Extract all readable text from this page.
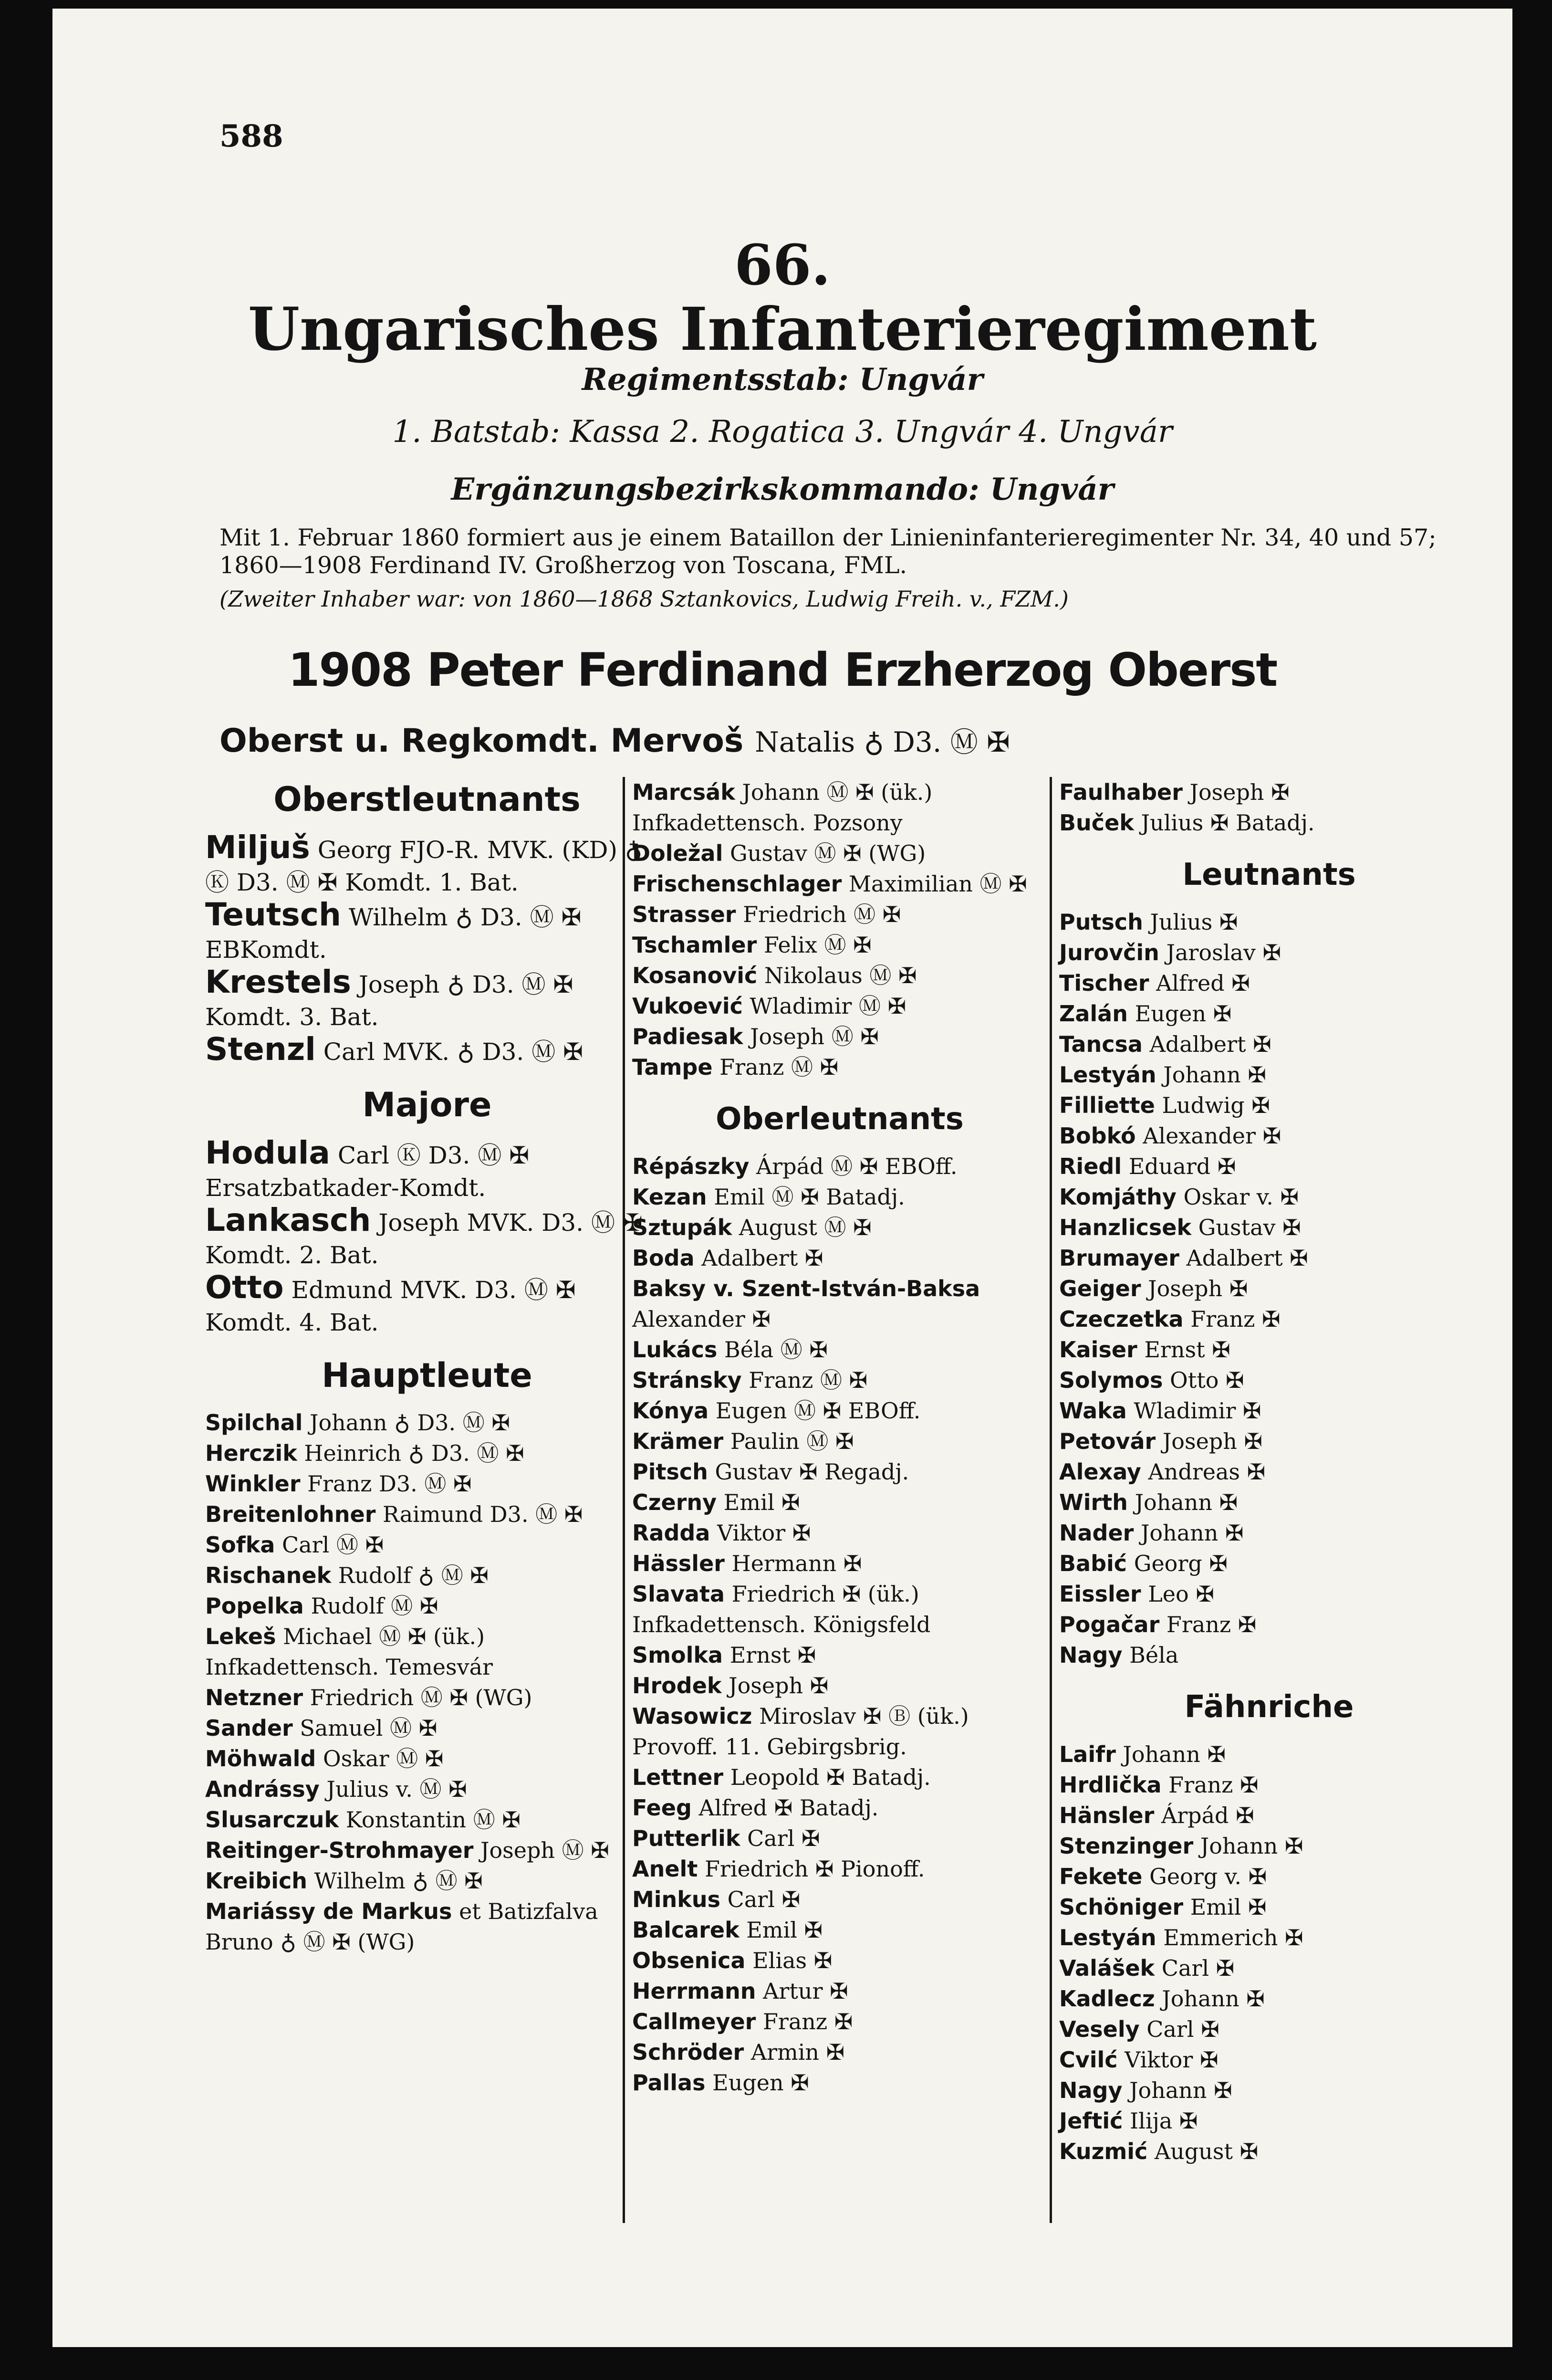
588
66.
Ungarisches Infanterieregiment
Regimentsstab: Ungvár
1. Batstab: Kassa 2. Rogatica 3. Ungvár 4. Ungvár
Ergänzungsbezirkskommando: Ungvár
Mit 1. Februar 1860 formiert aus je einem Bataillon der Linieninfanterieregimenter Nr. 34, 40 und 57; 1860—1908 Ferdinand IV. Großherzog von Toscana, FML.
(Zweiter Inhaber war: von 1860—1868 Sztankovics, Ludwig Freih. v., FZM.)
1908 Peter Ferdinand Erzherzog Oberst
Oberst u. Regkomdt. Mervoš Natalis ♁ D3. Ⓜ ✠
Oberstleutnants

Miljuš Georg FJO-R. MVK. (KD) ♁ Ⓚ D3. Ⓜ ✠ Komdt. 1. Bat.

Teutsch Wilhelm ♁ D3. Ⓜ ✠ EBKomdt.

Krestels Joseph ♁ D3. Ⓜ ✠ Komdt. 3. Bat.

Stenzl Carl MVK. ♁ D3. Ⓜ ✠

Majore

Hodula Carl Ⓚ D3. Ⓜ ✠ Ersatzbatkader-Komdt.

Lankasch Joseph MVK. D3. Ⓜ ✠ Komdt. 2. Bat.

Otto Edmund MVK. D3. Ⓜ ✠ Komdt. 4. Bat.

Hauptleute

Spilchal Johann ♁ D3. Ⓜ ✠

Herczik Heinrich ♁ D3. Ⓜ ✠

Winkler Franz D3. Ⓜ ✠

Breitenlohner Raimund D3. Ⓜ ✠

Sofka Carl Ⓜ ✠

Rischanek Rudolf ♁ Ⓜ ✠

Popelka Rudolf Ⓜ ✠

Lekeš Michael Ⓜ ✠ (ük.) Infkadettensch. Temesvár

Netzner Friedrich Ⓜ ✠ (WG)

Sander Samuel Ⓜ ✠

Möhwald Oskar Ⓜ ✠

Andrássy Julius v. Ⓜ ✠

Slusarczuk Konstantin Ⓜ ✠

Reitinger-Strohmayer Joseph Ⓜ ✠

Kreibich Wilhelm ♁ Ⓜ ✠

Mariássy de Markus et Batizfalva Bruno ♁ Ⓜ ✠ (WG)

Marcsák Johann Ⓜ ✠ (ük.) Infkadettensch. Pozsony

Doležal Gustav Ⓜ ✠ (WG)

Frischenschlager Maximilian Ⓜ ✠

Strasser Friedrich Ⓜ ✠

Tschamler Felix Ⓜ ✠

Kosanović Nikolaus Ⓜ ✠

Vukoević Wladimir Ⓜ ✠

Padiesak Joseph Ⓜ ✠

Tampe Franz Ⓜ ✠

Oberleutnants

Répászky Árpád Ⓜ ✠ EBOff.

Kezan Emil Ⓜ ✠ Batadj.

Sztupák August Ⓜ ✠

Boda Adalbert ✠

Baksy v. Szent-István-Baksa Alexander ✠

Lukács Béla Ⓜ ✠

Stránsky Franz Ⓜ ✠

Kónya Eugen Ⓜ ✠ EBOff.

Krämer Paulin Ⓜ ✠

Pitsch Gustav ✠ Regadj.

Czerny Emil ✠

Radda Viktor ✠

Hässler Hermann ✠

Slavata Friedrich ✠ (ük.) Infkadettensch. Königsfeld

Smolka Ernst ✠

Hrodek Joseph ✠

Wasowicz Miroslav ✠ Ⓑ (ük.) Provoff. 11. Gebirgsbrig.

Lettner Leopold ✠ Batadj.

Feeg Alfred ✠ Batadj.

Putterlik Carl ✠

Anelt Friedrich ✠ Pionoff.

Minkus Carl ✠

Balcarek Emil ✠

Obsenica Elias ✠

Herrmann Artur ✠

Callmeyer Franz ✠

Schröder Armin ✠

Pallas Eugen ✠

Faulhaber Joseph ✠

Buček Julius ✠ Batadj.

Leutnants

Putsch Julius ✠

Jurovčin Jaroslav ✠

Tischer Alfred ✠

Zalán Eugen ✠

Tancsa Adalbert ✠

Lestyán Johann ✠

Filliette Ludwig ✠

Bobkó Alexander ✠

Riedl Eduard ✠

Komjáthy Oskar v. ✠

Hanzlicsek Gustav ✠

Brumayer Adalbert ✠

Geiger Joseph ✠

Czeczetka Franz ✠

Kaiser Ernst ✠

Solymos Otto ✠

Waka Wladimir ✠

Petovár Joseph ✠

Alexay Andreas ✠

Wirth Johann ✠

Nader Johann ✠

Babić Georg ✠

Eissler Leo ✠

Pogačar Franz ✠

Nagy Béla

Fähnriche

Laifr Johann ✠

Hrdlička Franz ✠

Hänsler Árpád ✠

Stenzinger Johann ✠

Fekete Georg v. ✠

Schöniger Emil ✠

Lestyán Emmerich ✠

Valášek Carl ✠

Kadlecz Johann ✠

Vesely Carl ✠

Cvilć Viktor ✠

Nagy Johann ✠

Jeftić Ilija ✠

Kuzmić August ✠
